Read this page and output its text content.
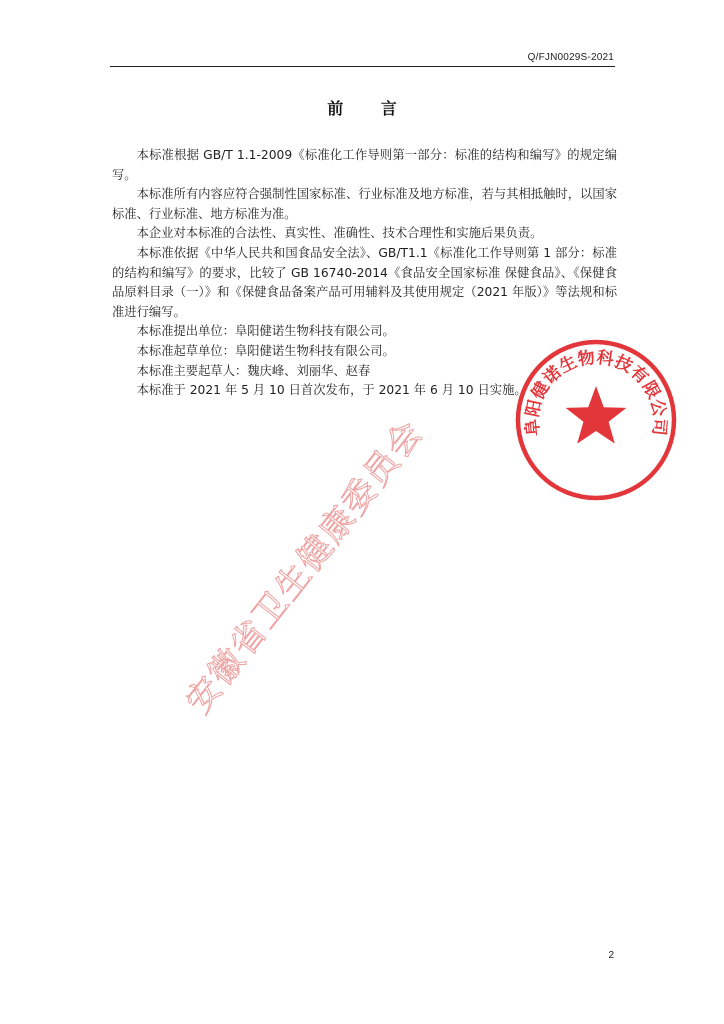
Q/FJN0029S-2021
前 言

本标准根据 GB/T 1.1-2009《标准化工作导则第一部分：标准的结构和编写》的规定编写。

本标准所有内容应符合强制性国家标准、行业标准及地方标准，若与其相抵触时，以国家标准、行业标准、地方标准为准。

本企业对本标准的合法性、真实性、准确性、技术合理性和实施后果负责。

本标准依据《中华人民共和国食品安全法》、GB/T1.1《标准化工作导则第 1 部分：标准的结构和编写》的要求，比较了 GB 16740-2014《食品安全国家标准 保健食品》、《保健食品原料目录（一）》和《保健食品备案产品可用辅料及其使用规定（2021 年版）》等法规和标准进行编写。

本标准提出单位：阜阳健诺生物科技有限公司。

本标准起草单位：阜阳健诺生物科技有限公司。

本标准主要起草人：魏庆峰、刘丽华、赵春

本标准于 2021 年 5 月 10 日首次发布，于 2021 年 6 月 10 日实施。

安徽省卫生健康委员会	阜阳健诺生物科技有限公司
2
